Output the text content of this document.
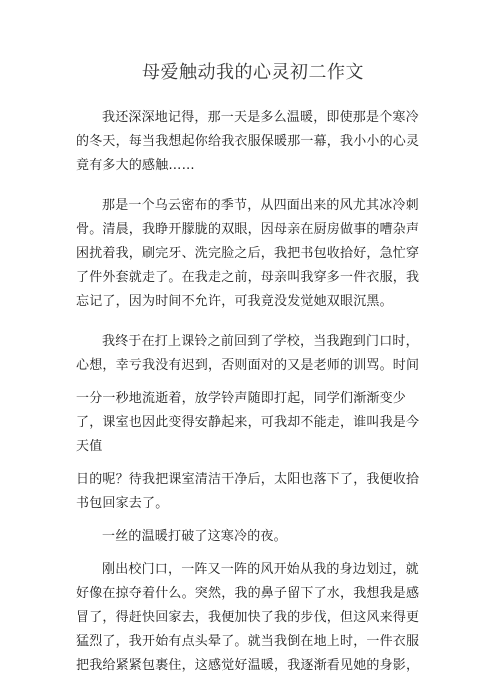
母爱触动我的心灵初二作文

我还深深地记得，那一天是多么温暖，即使那是个寒冷的冬天，每当我想起你给我衣服保暖那一幕，我小小的心灵竟有多大的感触……

那是一个乌云密布的季节，从四面出来的风尤其冰冷刺骨。清晨，我睁开朦胧的双眼，因母亲在厨房做事的嘈杂声困扰着我，刷完牙、洗完脸之后，我把书包收拾好，急忙穿了件外套就走了。在我走之前，母亲叫我穿多一件衣服，我忘记了，因为时间不允许，可我竟没发觉她双眼沉黑。

我终于在打上课铃之前回到了学校，当我跑到门口时，心想，幸亏我没有迟到，否则面对的又是老师的训骂。时间

一分一秒地流逝着，放学铃声随即打起，同学们渐渐变少了，课室也因此变得安静起来，可我却不能走，谁叫我是今天值

日的呢？待我把课室清洁干净后，太阳也落下了，我便收拾书包回家去了。

一丝的温暖打破了这寒冷的夜。

刚出校门口，一阵又一阵的风开始从我的身边划过，就好像在掠夺着什么。突然，我的鼻子留下了水，我想我是感冒了，得赶快回家去，我便加快了我的步伐，但这风来得更猛烈了，我开始有点头晕了。就当我倒在地上时，一件衣服把我给紧紧包裹住，这感觉好温暖，我逐渐看见她的身影，
